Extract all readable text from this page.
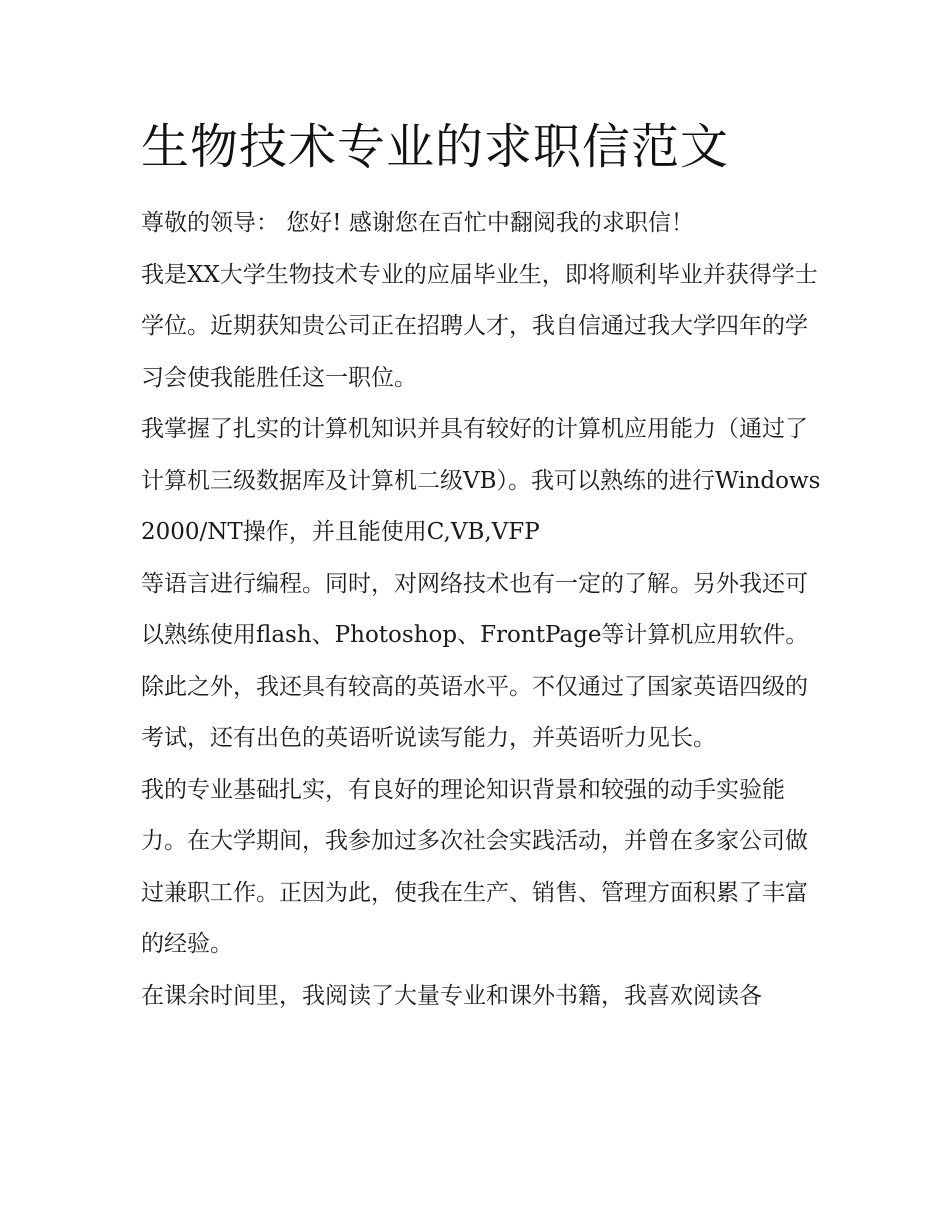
生物技术专业的求职信范文

尊敬的领导： 您好! 感谢您在百忙中翻阅我的求职信！

我是XX大学生物技术专业的应届毕业生，即将顺利毕业并获得学士学位。近期获知贵公司正在招聘人才，我自信通过我大学四年的学习会使我能胜任这一职位。

我掌握了扎实的计算机知识并具有较好的计算机应用能力（通过了计算机三级数据库及计算机二级VB）。我可以熟练的进行Windows

2000/NT操作，并且能使用C,VB,VFP

等语言进行编程。同时，对网络技术也有一定的了解。另外我还可以熟练使用flash、Photoshop、FrontPage等计算机应用软件。

除此之外，我还具有较高的英语水平。不仅通过了国家英语四级的考试，还有出色的英语听说读写能力，并英语听力见长。

我的专业基础扎实，有良好的理论知识背景和较强的动手实验能力。在大学期间，我参加过多次社会实践活动，并曾在多家公司做过兼职工作。正因为此，使我在生产、销售、管理方面积累了丰富的经验。

在课余时间里，我阅读了大量专业和课外书籍，我喜欢阅读各
